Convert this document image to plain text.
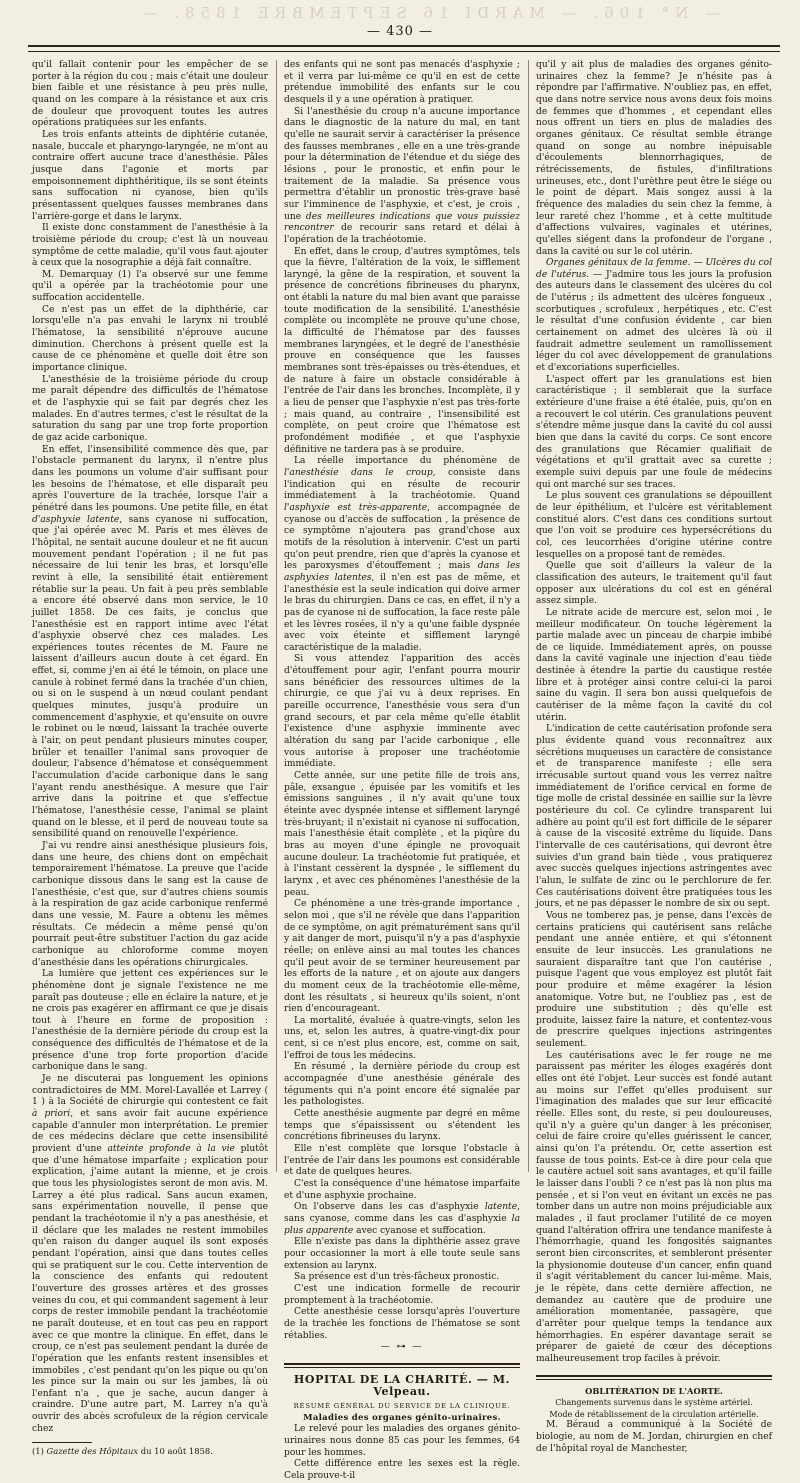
— N° 106. — MARDI 16 SEPTEMBRE 1858. —
— 430 —

qu'il fallait contenir pour les empêcher de se porter à la région du cou ; mais c'était une douleur bien faible et une résistance à peu près nulle, quand on les compare à la résistance et aux cris de douleur que provoquent toutes les autres opérations pratiquées sur les enfants.

Les trois enfants atteints de diphtérie cutanée, nasale, buccale et pharyngo-laryngée, ne m'ont au contraire offert aucune trace d'anesthésie. Pâles jusque dans l'agonie et morts par empoisonnement diphthéritique, ils se sont éteints sans suffocation ni cyanose, bien qu'ils présentassent quelques fausses membranes dans l'arrière-gorge et dans le larynx.

Il existe donc constamment de l'anesthésie à la troisième période du croup; c'est là un nouveau symptôme de cette maladie, qu'il vous faut ajouter à ceux que la nosographie a déjà fait connaître.

M. Demarquay (1) l'a observé sur une femme qu'il a opérée par la trachéotomie pour une suffocation accidentelle.

Ce n'est pas un effet de la diphthérie, car lorsqu'elle n'a pas envahi le larynx ni troublé l'hématose, la sensibilité n'éprouve aucune diminution. Cherchons à présent quelle est la cause de ce phénomène et quelle doit être son importance clinique.

L'anesthésie de la troisième période du croup me paraît dépendre des difficultés de l'hématose et de l'asphyxie qui se fait par degrés chez les malades. En d'autres termes, c'est le résultat de la saturation du sang par une trop forte proportion de gaz acide carbonique.

En effet, l'insensibilité commence dès que, par l'obstacle permanent du larynx, il n'entre plus dans les poumons un volume d'air suffisant pour les besoins de l'hématose, et elle disparaît peu après l'ouverture de la trachée, lorsque l'air a pénétré dans les poumons. Une petite fille, en état d'asphyxie latente, sans cyanose ni suffocation, que j'ai opérée avec M. Paris et mes élèves de l'hôpital, ne sentait aucune douleur et ne fit aucun mouvement pendant l'opération ; il ne fut pas nécessaire de lui tenir les bras, et lorsqu'elle revint à elle, la sensibilité était entièrement rétablie sur la peau. Un fait à peu près semblable a encore été observé dans mon service, le 10 juillet 1858. De ces faits, je conclus que l'anesthésie est en rapport intime avec l'état d'asphyxie observé chez ces malades. Les expériences toutes récentes de M. Faure ne laissent d'ailleurs aucun doute à cet égard. En effet, si, comme j'en ai été le témoin, on place une canule à robinet fermé dans la trachée d'un chien, ou si on le suspend à un nœud coulant pendant quelques minutes, jusqu'à produire un commencement d'asphyxie, et qu'ensuite on ouvre le robinet ou le nœud, laissant la trachée ouverte à l'air, on peut pendant plusieurs minutes couper, brûler et tenailler l'animal sans provoquer de douleur, l'absence d'hématose et conséquemment l'accumulation d'acide carbonique dans le sang l'ayant rendu anesthésique. A mesure que l'air arrive dans la poitrine et que s'effectue l'hématose, l'anesthésie cesse, l'animal se plaint quand on le blesse, et il perd de nouveau toute sa sensibilité quand on renouvelle l'expérience.

J'ai vu rendre ainsi anesthésique plusieurs fois, dans une heure, des chiens dont on empêchait temporairement l'hématose. La preuve que l'acide carbonique dissous dans le sang est la cause de l'anesthésie, c'est que, sur d'autres chiens soumis à la respiration de gaz acide carbonique renfermé dans une vessie, M. Faure a obtenu les mêmes résultats. Ce médecin a même pensé qu'on pourrait peut-être substituer l'action du gaz acide carbonique au chloroforme comme moyen d'anesthésie dans les opérations chirurgicales.

La lumière que jettent ces expériences sur le phénomène dont je signale l'existence ne me paraît pas douteuse ; elle en éclaire la nature, et je ne crois pas exagérer en affirmant ce que je disais tout à l'heure en forme de proposition : l'anesthésie de la dernière période du croup est la conséquence des difficultés de l'hématose et de la présence d'une trop forte proportion d'acide carbonique dans le sang.

Je ne discuterai pas longuement les opinions contradictoires de MM. Morel-Lavallée et Larrey ( 1 ) à la Société de chirurgie qui contestent ce fait à priori, et sans avoir fait aucune expérience capable d'annuler mon interprétation. Le premier de ces médecins déclare que cette insensibilité provient d'une atteinte profonde à la vie plutôt que d'une hématose imparfaite ; explication pour explication, j'aime autant la mienne, et je crois que tous les physiologistes seront de mon avis. M. Larrey a été plus radical. Sans aucun examen, sans expérimentation nouvelle, il pense que pendant la trachéotomie il n'y a pas anesthésie, et il déclare que les malades ne restent immobiles qu'en raison du danger auquel ils sont exposés pendant l'opération, ainsi que dans toutes celles qui se pratiquent sur le cou. Cette intervention de la conscience des enfants qui redoutent l'ouverture des grosses artères et des grosses veines du cou, et qui commandent sagement à leur corps de rester immobile pendant la trachéotomie ne paraît douteuse, et en tout cas peu en rapport avec ce que montre la clinique. En effet, dans le croup, ce n'est pas seulement pendant la durée de l'opération que les enfants restent insensibles et immobiles , c'est pendant qu'on les pique ou qu'on les pince sur la main ou sur les jambes, là où l'enfant n'a , que je sache, aucun danger à craindre. D'une autre part, M. Larrey n'a qu'à ouvrir des abcès scrofuleux de la région cervicale chez

(1) Gazette des Hôpitaux du 10 août 1858.

des enfants qui ne sont pas menacés d'asphyxie ; et il verra par lui-même ce qu'il en est de cette prétendue immobilité des enfants sur le cou desquels il y a une opération à pratiquer.

Si l'anesthésie du croup n'a aucune importance dans le diagnostic de la nature du mal, en tant qu'elle ne saurait servir à caractériser la présence des fausses membranes , elle en a une très-grande pour la détermination de l'étendue et du siége des lésions , pour le pronostic, et enfin pour le traitement de la maladie. Sa présence vous permettra d'établir un pronostic très-grave basé sur l'imminence de l'asphyxie, et c'est, je crois , une des meilleures indications que vous puissiez rencontrer de recourir sans retard et délai à l'opération de la trachéotomie.

En effet, dans le croup, d'autres symptômes, tels que la fièvre, l'altération de la voix, le sifflement laryngé, la gêne de la respiration, et souvent la présence de concrétions fibrineuses du pharynx, ont établi la nature du mal bien avant que paraisse toute modification de la sensibilité. L'anesthésie complète ou incomplète ne prouve qu'une chose, la difficulté de l'hématose par des fausses membranes laryngées, et le degré de l'anesthésie prouve en conséquence que les fausses membranes sont très-épaisses ou très-étendues, et de nature à faire un obstacle considérable à l'entrée de l'air dans les bronches. Incomplète, il y a lieu de penser que l'asphyxie n'est pas très-forte ; mais quand, au contraire , l'insensibilité est complète, on peut croire que l'hématose est profondément modifiée , et que l'asphyxie définitive ne tardera pas à se produire.

La réelle importance du phénomène de l'anesthésie dans le croup, consiste dans l'indication qui en résulte de recourir immédiatement à la trachéotomie. Quand l'asphyxie est très-apparente, accompagnée de cyanose ou d'accès de suffocation , la présence de ce symptôme n'ajoutera pas grand'chose aux motifs de la résolution à intervenir. C'est un parti qu'on peut prendre, rien que d'après la cyanose et les paroxysmes d'étouffement ; mais dans les asphyxies latentes, il n'en est pas de même, et l'anesthésie est la seule indication qui doive armer le bras du chirurgien. Dans ce cas, en effet, il n'y a pas de cyanose ni de suffocation, la face reste pâle et les lèvres rosées, il n'y a qu'une faible dyspnée avec voix éteinte et sifflement laryngé caractéristique de la maladie.

Si vous attendez l'apparition des accès d'étouffement pour agir, l'enfant pourra mourir sans bénéficier des ressources ultimes de la chirurgie, ce que j'ai vu à deux reprises. En pareille occurrence, l'anesthésie vous sera d'un grand secours, et par cela même qu'elle établit l'existence d'une asphyxie imminente avec altération du sang par l'acide carbonique , elle vous autorise à proposer une trachéotomie immédiate.

Cette année, sur une petite fille de trois ans, pâle, exsangue , épuisée par les vomitifs et les émissions sanguines , il n'y avait qu'une toux éteinte avec dyspnée intense et sifflement laryngé très-bruyant; il n'existait ni cyanose ni suffocation, mais l'anesthésie était complète , et la piqûre du bras au moyen d'une épingle ne provoquait aucune douleur. La trachéotomie fut pratiquée, et à l'instant cessèrent la dyspnée , le sifflement du larynx , et avec ces phénomènes l'anesthésie de la peau.

Ce phénomène a une très-grande importance , selon moi , que s'il ne révèle que dans l'apparition de ce symptôme, on agit prématurément sans qu'il y ait danger de mort, puisqu'il n'y a pas d'asphyxie réelle; on enlève ainsi au mal toutes les chances qu'il peut avoir de se terminer heureusement par les efforts de la nature , et on ajoute aux dangers du moment ceux de la trachéotomie elle-même, dont les résultats , si heureux qu'ils soient, n'ont rien d'encourageant.

La mortalité, évaluée à quatre-vingts, selon les uns, et, selon les autres, à quatre-vingt-dix pour cent, si ce n'est plus encore, est, comme on sait, l'effroi de tous les médecins.

En résumé , la dernière période du croup est accompagnée d'une anesthésie générale des téguments qui n'a point encore été signalée par les pathologistes.

Cette anesthésie augmente par degré en même temps que s'épaississent ou s'étendent les concrétions fibrineuses du larynx.

Elle n'est complète que lorsque l'obstacle à l'entrée de l'air dans les poumons est considérable et date de quelques heures.

C'est la conséquence d'une hématose imparfaite et d'une asphyxie prochaine.

On l'observe dans les cas d'asphyxie latente, sans cyanose, comme dans les cas d'asphyxie la plus apparente avec cyanose et suffocation.

Elle n'existe pas dans la diphthérie assez grave pour occasionner la mort à elle toute seule sans extension au larynx.

Sa présence est d'un très-fâcheux pronostic.

C'est une indication formelle de recourir promptement à la trachéotomie.

Cette anesthésie cesse lorsqu'après l'ouverture de la trachée les fonctions de l'hématose se sont rétablies.

— ⊶ —

HOPITAL DE LA CHARITÉ. — M. Velpeau.

RÉSUMÉ GÉNÉRAL DU SERVICE DE LA CLINIQUE.

Maladies des organes génito-urinaires.

Le relevé pour les maladies des organes génito-urinaires nous donne 85 cas pour les femmes, 64 pour les hommes.

Cette différence entre les sexes est la règle. Cela prouve-t-il

qu'il y ait plus de maladies des organes génito-urinaires chez la femme? Je n'hésite pas à répondre par l'affirmative. N'oubliez pas, en effet, que dans notre service nous avons deux fois moins de femmes que d'hommes , et cependant elles nous offrent un tiers en plus de maladies des organes génitaux. Ce résultat semble étrange quand on songe au nombre inépuisable d'écoulements blennorrhagiques, de rétrécissements, de fistules, d'infiltrations urineuses, etc., dont l'urèthre peut être le siége ou le point de départ. Mais songez aussi à la fréquence des maladies du sein chez la femme, à leur rareté chez l'homme , et à cette multitude d'affections vulvaires, vaginales et utérines, qu'elles siégent dans la profondeur de l'organe , dans la cavité ou sur le col utérin.

Organes génitaux de la femme. — Ulcères du col de l'utérus. — J'admire tous les jours la profusion des auteurs dans le classement des ulcères du col de l'utérus ; ils admettent des ulcères fongueux , scorbutiques , scrofuleux , herpétiques , etc. C'est le résultat d'une confusion évidente , car bien certainement on admet des ulcères là où il faudrait admettre seulement un ramollissement léger du col avec développement de granulations et d'excoriations superficielles.

L'aspect offert par les granulations est bien caractéristique ; il semblerait que la surface extérieure d'une fraise a été étalée, puis, qu'on en a recouvert le col utérin. Ces granulations peuvent s'étendre même jusque dans la cavité du col aussi bien que dans la cavité du corps. Ce sont encore des granulations que Récamier qualifiait de végétations et qu'il grattait avec sa curette ; exemple suivi depuis par une foule de médecins qui ont marché sur ses traces.

Le plus souvent ces granulations se dépouillent de leur épithélium, et l'ulcère est véritablement constitué alors. C'est dans ces conditions surtout que l'on voit se produire ces hypersécrétions du col, ces leucorrhées d'origine utérine contre lesquelles on a proposé tant de remèdes.

Quelle que soit d'ailleurs la valeur de la classification des auteurs, le traitement qu'il faut opposer aux ulcérations du col est en général assez simple.

Le nitrate acide de mercure est, selon moi , le meilleur modificateur. On touche légèrement la partie malade avec un pinceau de charpie imbibé de ce liquide. Immédiatement après, on pousse dans la cavité vaginale une injection d'eau tiède destinée à étendre la partie du caustique restée libre et à protéger ainsi contre celui-ci la paroi saine du vagin. Il sera bon aussi quelquefois de cautériser de la même façon la cavité du col utérin.

L'indication de cette cautérisation profonde sera plus évidente quand vous reconnaîtrez aux sécrétions muqueuses un caractère de consistance et de transparence manifeste ; elle sera irrécusable surtout quand vous les verrez naître immédiatement de l'orifice cervical en forme de tige molle de cristal dessinée en saillie sur la lèvre postérieure du col. Ce cylindre transparent lui adhère au point qu'il est fort difficile de le séparer à cause de la viscosité extrême du liquide. Dans l'intervalle de ces cautérisations, qui devront être suivies d'un grand bain tiède , vous pratiquerez avec succès quelques injections astringentes avec l'alun, le sulfate de zinc ou le perchlorure de fer. Ces cautérisations doivent être pratiquées tous les jours, et ne pas dépasser le nombre de six ou sept.

Vous ne tomberez pas, je pense, dans l'excès de certains praticiens qui cautérisent sans relâche pendant une année entière, et qui s'étonnent ensuite de leur insuccès. Les granulations ne sauraient disparaître tant que l'on cautérise , puisque l'agent que vous employez est plutôt fait pour produire et même exagérer la lésion anatomique. Votre but, ne l'oubliez pas , est de produire une substitution ; dès qu'elle est produite, laissez faire la nature, et contentez-vous de prescrire quelques injections astringentes seulement.

Les cautérisations avec le fer rouge ne me paraissent pas mériter les éloges exagérés dont elles ont été l'objet. Leur succès est fondé autant au moins sur l'effet qu'elles produisent sur l'imagination des malades que sur leur efficacité réelle. Elles sont, du reste, si peu douloureuses, qu'il n'y a guère qu'un danger à les préconiser, celui de faire croire qu'elles guérissent le cancer, ainsi qu'on l'a prétendu. Or, cette assertion est fausse de tous points. Est-ce à dire pour cela que le cautère actuel soit sans avantages, et qu'il faille le laisser dans l'oubli ? ce n'est pas là non plus ma pensée , et si l'on veut en évitant un excès ne pas tomber dans un autre non moins préjudiciable aux malades , il faut proclamer l'utilité de ce moyen quand l'altération offrira une tendance manifeste à l'hémorrhagie, quand les fongosités saignantes seront bien circonscrites, et sembleront présenter la physionomie douteuse d'un cancer, enfin quand il s'agit véritablement du cancer lui-même. Mais, je le répète, dans cette dernière affection, ne demandez au cautère que de produire une amélioration momentanée, passagère, que d'arrêter pour quelque temps la tendance aux hémorrhagies. En espérer davantage serait se préparer de gaieté de cœur des déceptions malheureusement trop faciles à prévoir.

OBLITÉRATION DE L'AORTE.

Changements survenus dans le système artériel.

Mode de rétablissement de la circulation artérielle.

M. Béraud a communiqué à la Société de biologie, au nom de M. Jordan, chirurgien en chef de l'hôpital royal de Manchester,
